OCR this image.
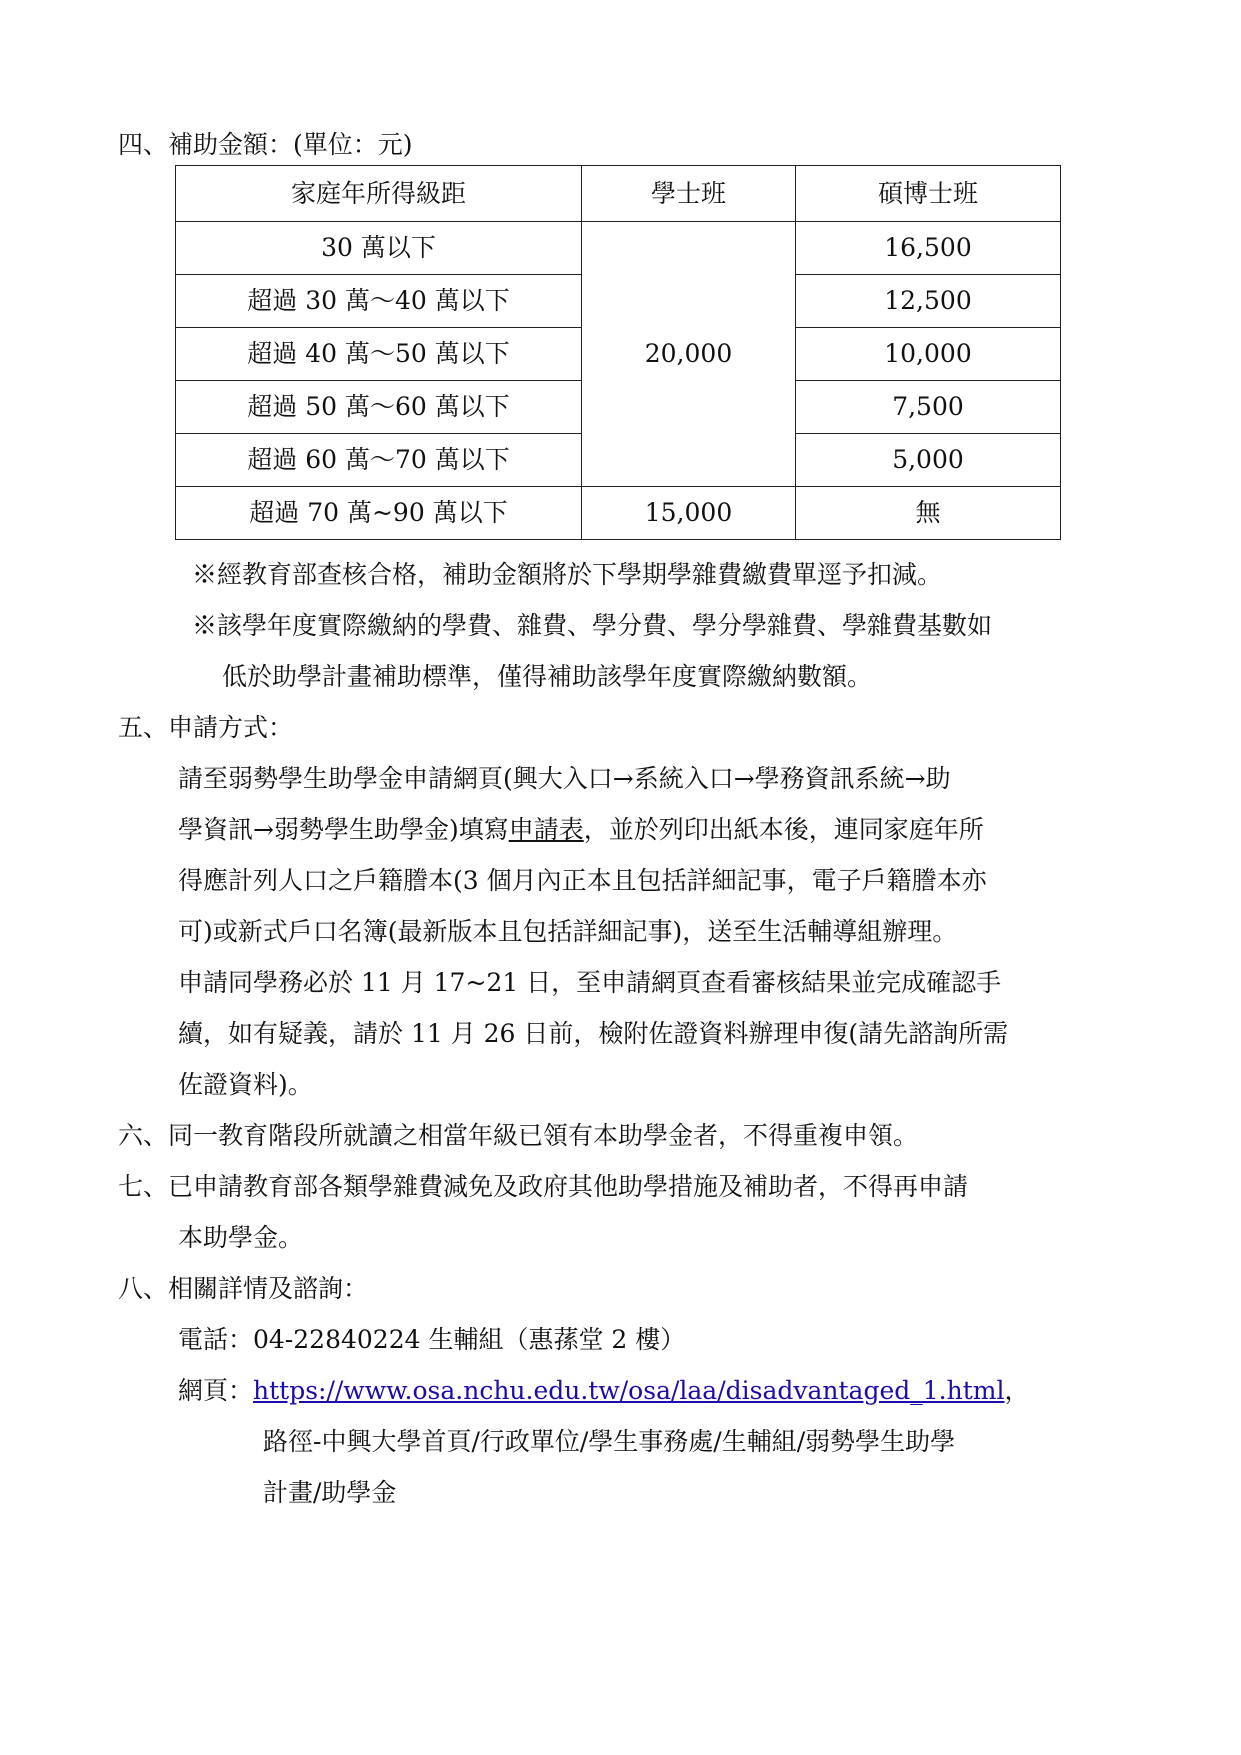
四、補助金額：(單位：元)
家庭年所得級距	學士班	碩博士班
30 萬以下	20,000	16,500
超過 30 萬～40 萬以下		12,500
超過 40 萬～50 萬以下		10,000
超過 50 萬～60 萬以下		7,500
超過 60 萬～70 萬以下		5,000
超過 70 萬~90 萬以下	15,000	無
※經教育部查核合格，補助金額將於下學期學雜費繳費單逕予扣減。
※該學年度實際繳納的學費、雜費、學分費、學分學雜費、學雜費基數如
低於助學計畫補助標準，僅得補助該學年度實際繳納數額。
五、申請方式：
請至弱勢學生助學金申請網頁(興大入口→系統入口→學務資訊系統→助
學資訊→弱勢學生助學金)填寫申請表，並於列印出紙本後，連同家庭年所
得應計列人口之戶籍謄本(3 個月內正本且包括詳細記事，電子戶籍謄本亦
可)或新式戶口名簿(最新版本且包括詳細記事)，送至生活輔導組辦理。
申請同學務必於 11 月 17~21 日，至申請網頁查看審核結果並完成確認手
續，如有疑義，請於 11 月 26 日前，檢附佐證資料辦理申復(請先諮詢所需
佐證資料)。
六、同一教育階段所就讀之相當年級已領有本助學金者，不得重複申領。
七、已申請教育部各類學雜費減免及政府其他助學措施及補助者，不得再申請
本助學金。
八、相關詳情及諮詢：
電話：04-22840224 生輔組（惠蓀堂 2 樓）
網頁：https://www.osa.nchu.edu.tw/osa/laa/disadvantaged_1.html，
路徑-中興大學首頁/行政單位/學生事務處/生輔組/弱勢學生助學
計畫/助學金
